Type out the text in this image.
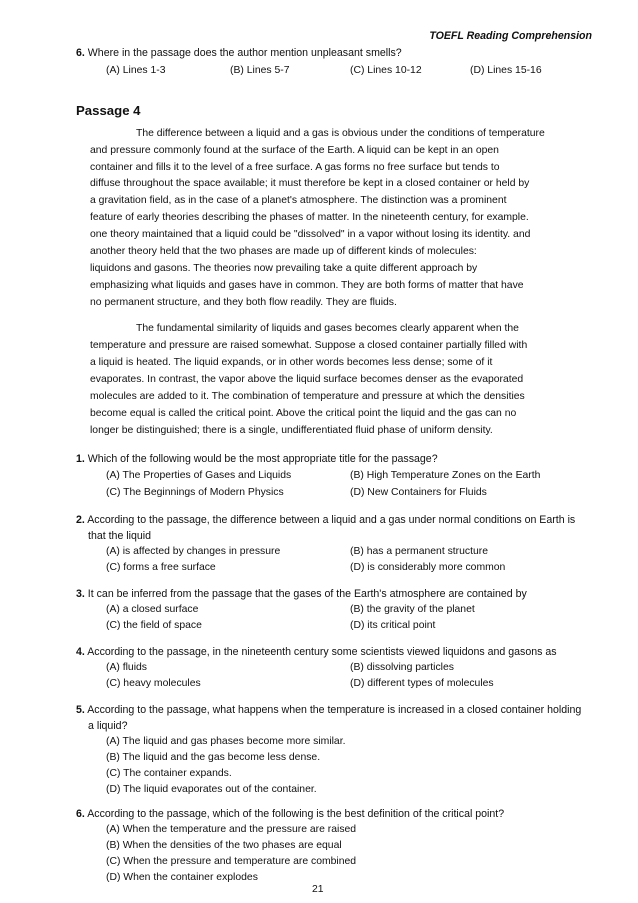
TOEFL Reading Comprehension
6. Where in the passage does the author mention unpleasant smells?
(A) Lines 1-3	(B) Lines 5-7	(C) Lines 10-12	(D) Lines 15-16
Passage 4
The difference between a liquid and a gas is obvious under the conditions of temperature
and pressure commonly found at the surface of the Earth. A liquid can be kept in an open
container and fills it to the level of a free surface. A gas forms no free surface but tends to
diffuse throughout the space available; it must therefore be kept in a closed container or held by
a gravitation field, as in the case of a planet's atmosphere. The distinction was a prominent
feature of early theories describing the phases of matter. In the nineteenth century, for example.
one theory maintained that a liquid could be "dissolved" in a vapor without losing its identity. and
another theory held that the two phases are made up of different kinds of molecules:
liquidons and gasons. The theories now prevailing take a quite different approach by
emphasizing what liquids and gases have in common. They are both forms of matter that have
no permanent structure, and they both flow readily. They are fluids.
The fundamental similarity of liquids and gases becomes clearly apparent when the
temperature and pressure are raised somewhat. Suppose a closed container partially filled with
a liquid is heated. The liquid expands, or in other words becomes less dense; some of it
evaporates. In contrast, the vapor above the liquid surface becomes denser as the evaporated
molecules are added to it. The combination of temperature and pressure at which the densities
become equal is called the critical point. Above the critical point the liquid and the gas can no
longer be distinguished; there is a single, undifferentiated fluid phase of uniform density.
1. Which of the following would be the most appropriate title for the passage?
(A) The Properties of Gases and Liquids	(B) High Temperature Zones on the Earth
(C) The Beginnings of Modern Physics	(D) New Containers for Fluids
2. According to the passage, the difference between a liquid and a gas under normal conditions on Earth is
that the liquid
(A) is affected by changes in pressure	(B) has a permanent structure
(C) forms a free surface	(D) is considerably more common
3. It can be inferred from the passage that the gases of the Earth's atmosphere are contained by
(A) a closed surface	(B) the gravity of the planet
(C) the field of space	(D) its critical point
4. According to the passage, in the nineteenth century some scientists viewed liquidons and gasons as
(A) fluids	(B) dissolving particles
(C) heavy molecules	(D) different types of molecules
5. According to the passage, what happens when the temperature is increased in a closed container holding
a liquid?
(A) The liquid and gas phases become more similar.
(B) The liquid and the gas become less dense.
(C) The container expands.
(D) The liquid evaporates out of the container.
6. According to the passage, which of the following is the best definition of the critical point?
(A) When the temperature and the pressure are raised
(B) When the densities of the two phases are equal
(C) When the pressure and temperature are combined
(D) When the container explodes
21
